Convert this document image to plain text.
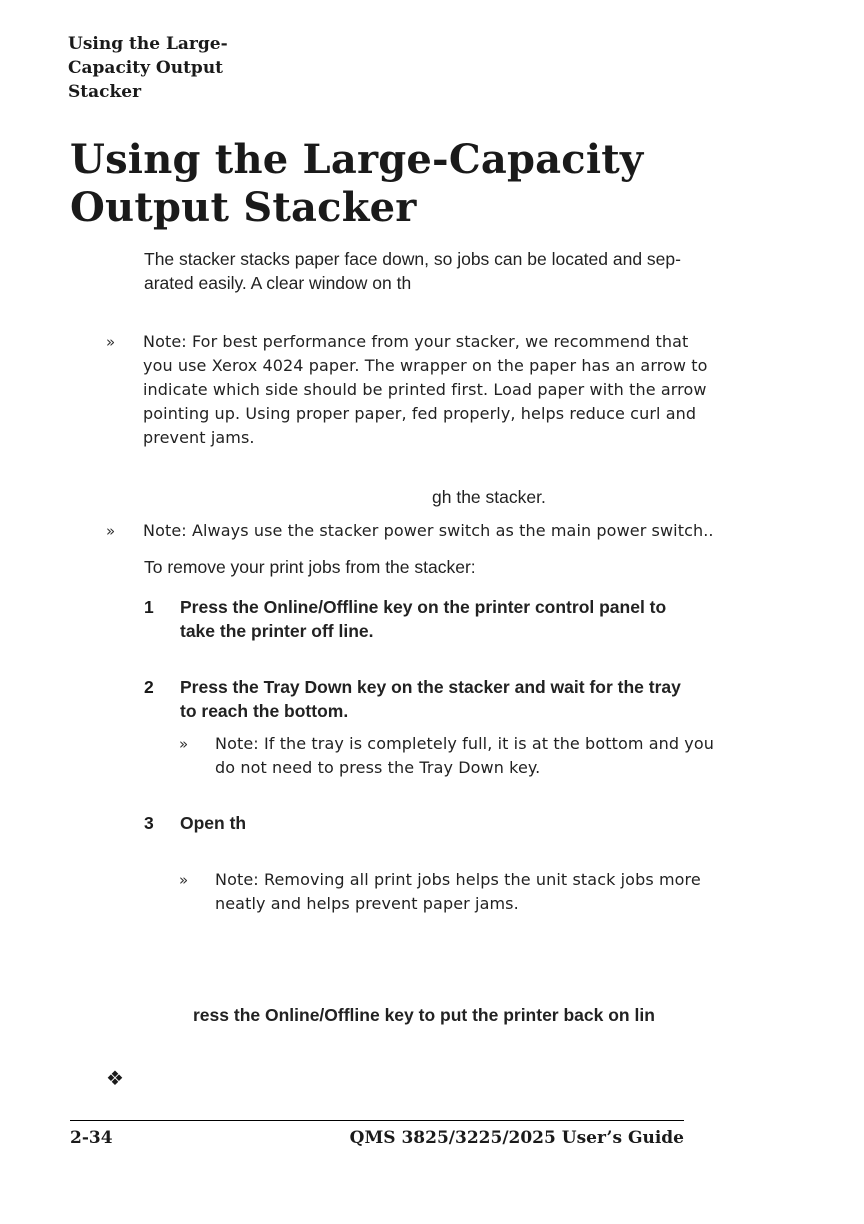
Using the Large-
Capacity Output
Stacker
Using the Large-Capacity
Output Stacker
The stacker stacks paper face down, so jobs can be located and sep-
arated easily. A clear window on th
» Note: For best performance from your stacker, we recommend that
you use Xerox 4024 paper. The wrapper on the paper has an arrow to
indicate which side should be printed first. Load paper with the arrow
pointing up. Using proper paper, fed properly, helps reduce curl and
prevent jams.
gh the stacker.
» Note: Always use the stacker power switch as the main power switch..
To remove your print jobs from the stacker:
1 Press the Online/Offline key on the printer control panel to
take the printer off line.
2 Press the Tray Down key on the stacker and wait for the tray
to reach the bottom.
» Note: If the tray is completely full, it is at the bottom and you
do not need to press the Tray Down key.
3 Open th
» Note: Removing all print jobs helps the unit stack jobs more
neatly and helps prevent paper jams.
ress the Online/Offline key to put the printer back on lin
❖
2-34	QMS 3825/3225/2025 User’s Guide
